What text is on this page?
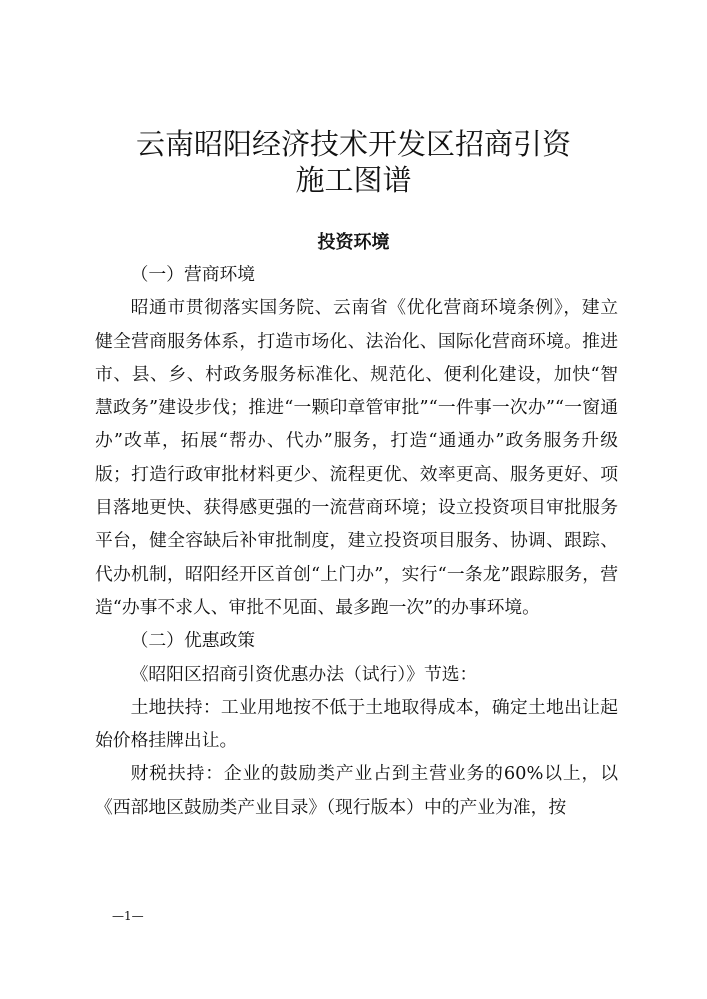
云南昭阳经济技术开发区招商引资
施工图谱
投资环境

（一）营商环境

昭通市贯彻落实国务院、云南省《优化营商环境条例》，建立健全营商服务体系，打造市场化、法治化、国际化营商环境。推进市、县、乡、村政务服务标准化、规范化、便利化建设，加快“智慧政务”建设步伐；推进“一颗印章管审批”“一件事一次办”“一窗通办”改革，拓展“帮办、代办”服务，打造“通通办”政务服务升级版；打造行政审批材料更少、流程更优、效率更高、服务更好、项目落地更快、获得感更强的一流营商环境；设立投资项目审批服务平台，健全容缺后补审批制度，建立投资项目服务、协调、跟踪、代办机制，昭阳经开区首创“上门办”，实行“一条龙”跟踪服务，营造“办事不求人、审批不见面、最多跑一次”的办事环境。

（二）优惠政策

《昭阳区招商引资优惠办法（试行）》节选：

土地扶持：工业用地按不低于土地取得成本，确定土地出让起始价格挂牌出让。

财税扶持：企业的鼓励类产业占到主营业务的60%以上，以《西部地区鼓励类产业目录》（现行版本）中的产业为准，按

—1—
